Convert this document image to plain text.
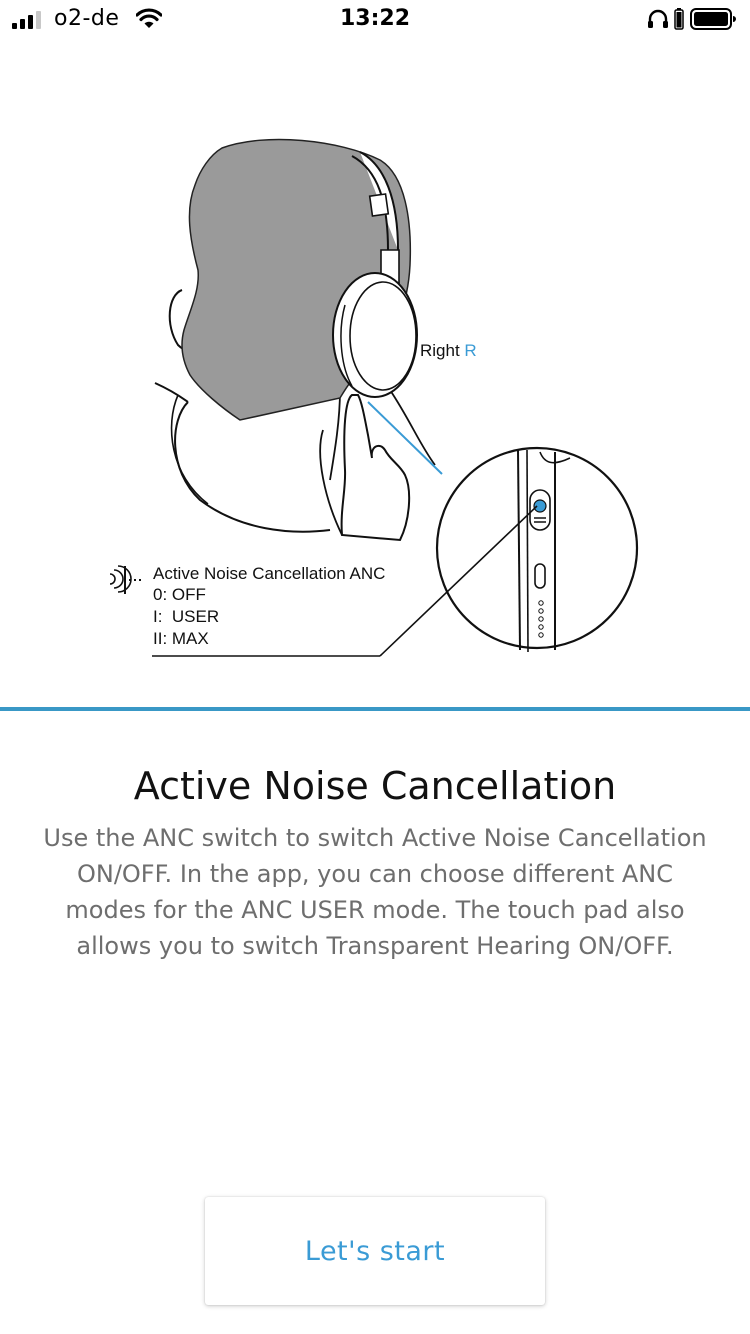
o2-de	13:22
Right R
Active Noise Cancellation ANC
0: OFF
I:  USER
II: MAX
Active Noise Cancellation
Use the ANC switch to switch Active Noise Cancellation ON/OFF. In the app, you can choose different ANC modes for the ANC USER mode. The touch pad also allows you to switch Transparent Hearing ON/OFF.
Let's start
